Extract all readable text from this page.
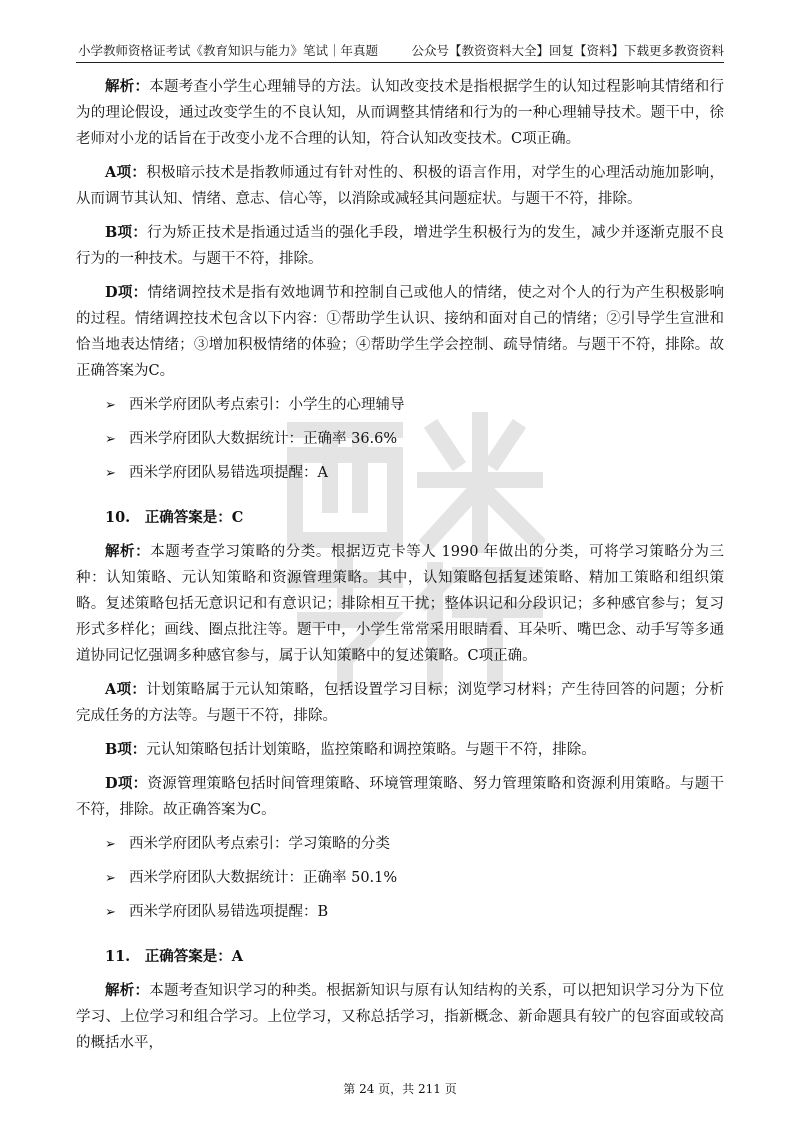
小学教师资格证考试《教育知识与能力》笔试｜年真题	公众号【教资资料大全】回复【资料】下载更多教资资料

解析：本题考查小学生心理辅导的方法。认知改变技术是指根据学生的认知过程影响其情绪和行为的理论假设，通过改变学生的不良认知，从而调整其情绪和行为的一种心理辅导技术。题干中，徐老师对小龙的话旨在于改变小龙不合理的认知，符合认知改变技术。C项正确。

A项：积极暗示技术是指教师通过有针对性的、积极的语言作用，对学生的心理活动施加影响，从而调节其认知、情绪、意志、信心等，以消除或减轻其问题症状。与题干不符，排除。

B项：行为矫正技术是指通过适当的强化手段，增进学生积极行为的发生，减少并逐渐克服不良行为的一种技术。与题干不符，排除。

D项：情绪调控技术是指有效地调节和控制自己或他人的情绪，使之对个人的行为产生积极影响的过程。情绪调控技术包含以下内容：①帮助学生认识、接纳和面对自己的情绪；②引导学生宣泄和恰当地表达情绪；③增加积极情绪的体验；④帮助学生学会控制、疏导情绪。与题干不符，排除。故正确答案为C。

➢ 西米学府团队考点索引：小学生的心理辅导
➢ 西米学府团队大数据统计：正确率 36.6%
➢ 西米学府团队易错选项提醒：A
10.　正确答案是：C

解析：本题考查学习策略的分类。根据迈克卡等人 1990 年做出的分类，可将学习策略分为三种：认知策略、元认知策略和资源管理策略。其中，认知策略包括复述策略、精加工策略和组织策略。复述策略包括无意识记和有意识记；排除相互干扰；整体识记和分段识记；多种感官参与；复习形式多样化；画线、圈点批注等。题干中，小学生常常采用眼睛看、耳朵听、嘴巴念、动手写等多通道协同记忆强调多种感官参与，属于认知策略中的复述策略。C项正确。

A项：计划策略属于元认知策略，包括设置学习目标；浏览学习材料；产生待回答的问题；分析完成任务的方法等。与题干不符，排除。

B项：元认知策略包括计划策略，监控策略和调控策略。与题干不符，排除。

D项：资源管理策略包括时间管理策略、环境管理策略、努力管理策略和资源利用策略。与题干不符，排除。故正确答案为C。

➢ 西米学府团队考点索引：学习策略的分类
➢ 西米学府团队大数据统计：正确率 50.1%
➢ 西米学府团队易错选项提醒：B
11.　正确答案是：A

解析：本题考查知识学习的种类。根据新知识与原有认知结构的关系，可以把知识学习分为下位学习、上位学习和组合学习。上位学习，又称总括学习，指新概念、新命题具有较广的包容面或较高的概括水平，

第 24 页，共 211 页
